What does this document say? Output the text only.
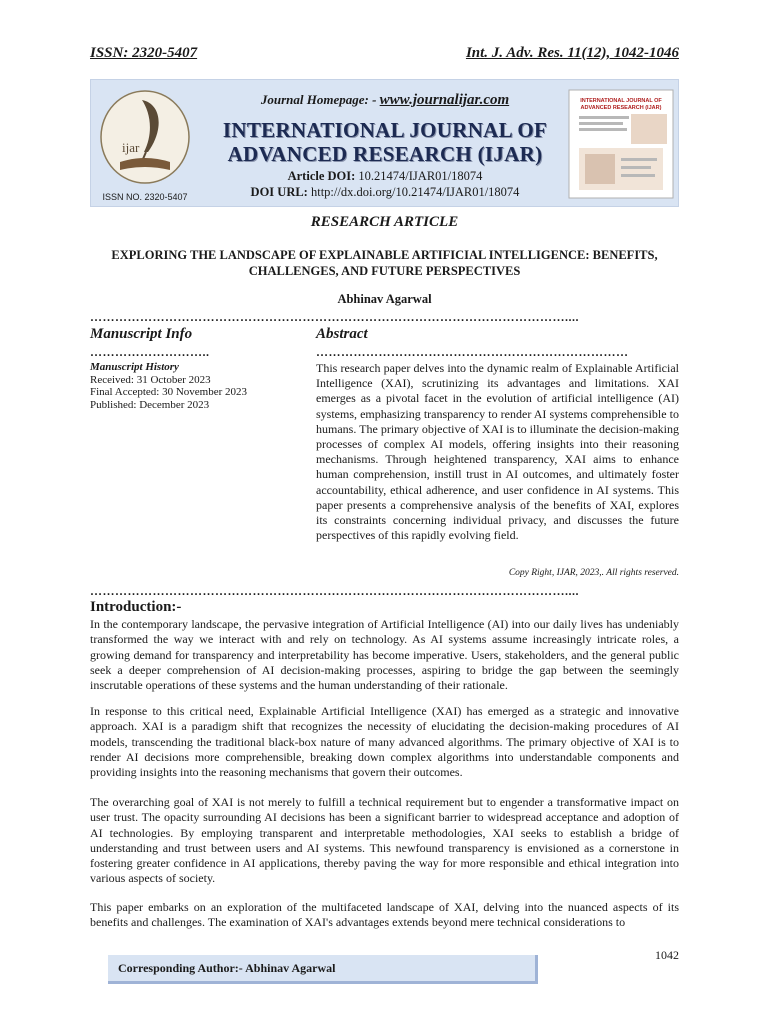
ISSN: 2320-5407	Int. J. Adv. Res. 11(12), 1042-1046
ijar
ISSN NO. 2320-5407
INTERNATIONAL JOURNAL OF
ADVANCED RESEARCH (IJAR)
Journal Homepage: - www.journalijar.com
INTERNATIONAL JOURNAL OF
ADVANCED RESEARCH (IJAR)
Article DOI: 10.21474/IJAR01/18074
DOI URL: http://dx.doi.org/10.21474/IJAR01/18074
RESEARCH ARTICLE
EXPLORING THE LANDSCAPE OF EXPLAINABLE ARTIFICIAL INTELLIGENCE: BENEFITS,
CHALLENGES, AND FUTURE PERSPECTIVES
Abhinav Agarwal
……………………………………………………………………………………………………....
Manuscript Info
………………………..
Manuscript History
Received: 31 October 2023
Final Accepted: 30 November 2023
Published: December 2023
Abstract
…………………………………………………………………
This research paper delves into the dynamic realm of Explainable Artificial Intelligence (XAI), scrutinizing its advantages and limitations. XAI emerges as a pivotal facet in the evolution of artificial intelligence (AI) systems, emphasizing transparency to render AI systems comprehensible to humans. The primary objective of XAI is to illuminate the decision-making processes of complex AI models, offering insights into their reasoning mechanisms. Through heightened transparency, XAI aims to enhance human comprehension, instill trust in AI outcomes, and ultimately foster accountability, ethical adherence, and user confidence in AI systems. This paper presents a comprehensive analysis of the benefits of XAI, explores its constraints concerning individual privacy, and discusses the future perspectives of this rapidly evolving field.
Copy Right, IJAR, 2023,. All rights reserved.
……………………………………………………………………………………………………....
Introduction:-
In the contemporary landscape, the pervasive integration of Artificial Intelligence (AI) into our daily lives has undeniably transformed the way we interact with and rely on technology. As AI systems assume increasingly intricate roles, a growing demand for transparency and interpretability has become imperative. Users, stakeholders, and the general public seek a deeper comprehension of AI decision-making processes, aspiring to bridge the gap between the seemingly inscrutable operations of these systems and the human understanding of their rationale.
In response to this critical need, Explainable Artificial Intelligence (XAI) has emerged as a strategic and innovative approach. XAI is a paradigm shift that recognizes the necessity of elucidating the decision-making procedures of AI models, transcending the traditional black-box nature of many advanced algorithms. The primary objective of XAI is to render AI decisions more comprehensible, breaking down complex algorithms into understandable components and providing insights into the reasoning mechanisms that govern their outcomes.
The overarching goal of XAI is not merely to fulfill a technical requirement but to engender a transformative impact on user trust. The opacity surrounding AI decisions has been a significant barrier to widespread acceptance and adoption of AI technologies. By employing transparent and interpretable methodologies, XAI seeks to establish a bridge of understanding and trust between users and AI systems. This newfound transparency is envisioned as a cornerstone in fostering greater confidence in AI applications, thereby paving the way for more responsible and ethical integration into various aspects of society.
This paper embarks on an exploration of the multifaceted landscape of XAI, delving into the nuanced aspects of its benefits and challenges. The examination of XAI's advantages extends beyond mere technical considerations to
1042
Corresponding Author:- Abhinav Agarwal
